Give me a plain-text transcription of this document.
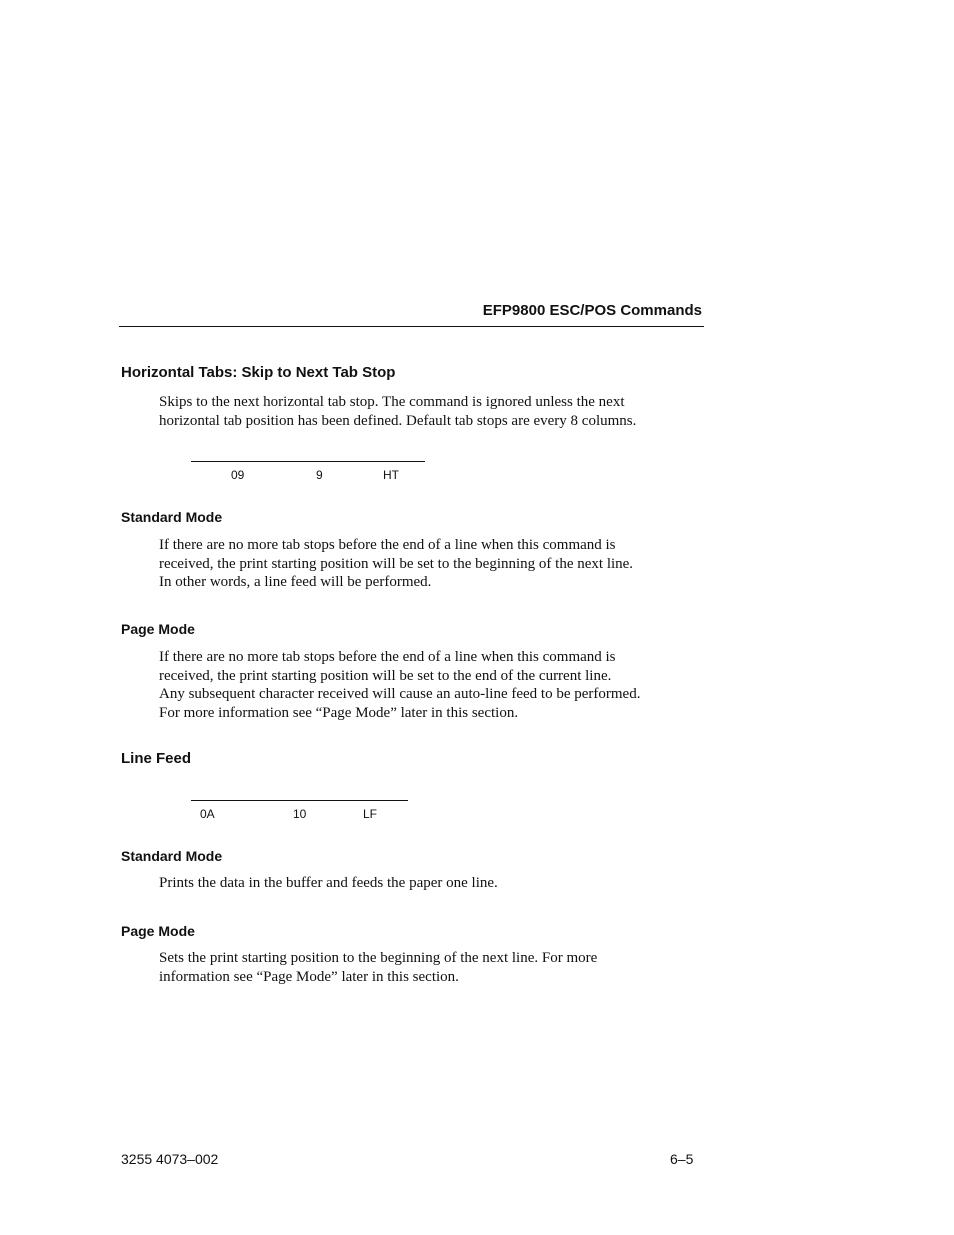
EFP9800 ESC/POS Commands
Horizontal Tabs: Skip to Next Tab Stop
Skips to the next horizontal tab stop. The command is ignored unless the next
horizontal tab position has been defined. Default tab stops are every 8 columns.
09	9	HT
Standard Mode
If there are no more tab stops before the end of a line when this command is
received, the print starting position will be set to the beginning of the next line.
In other words, a line feed will be performed.
Page Mode
If there are no more tab stops before the end of a line when this command is
received, the print starting position will be set to the end of the current line.
Any subsequent character received will cause an auto-line feed to be performed.
For more information see “Page Mode” later in this section.
Line Feed
0A	10	LF
Standard Mode
Prints the data in the buffer and feeds the paper one line.
Page Mode
Sets the print starting position to the beginning of the next line. For more
information see “Page Mode” later in this section.
3255 4073–002	6–5
